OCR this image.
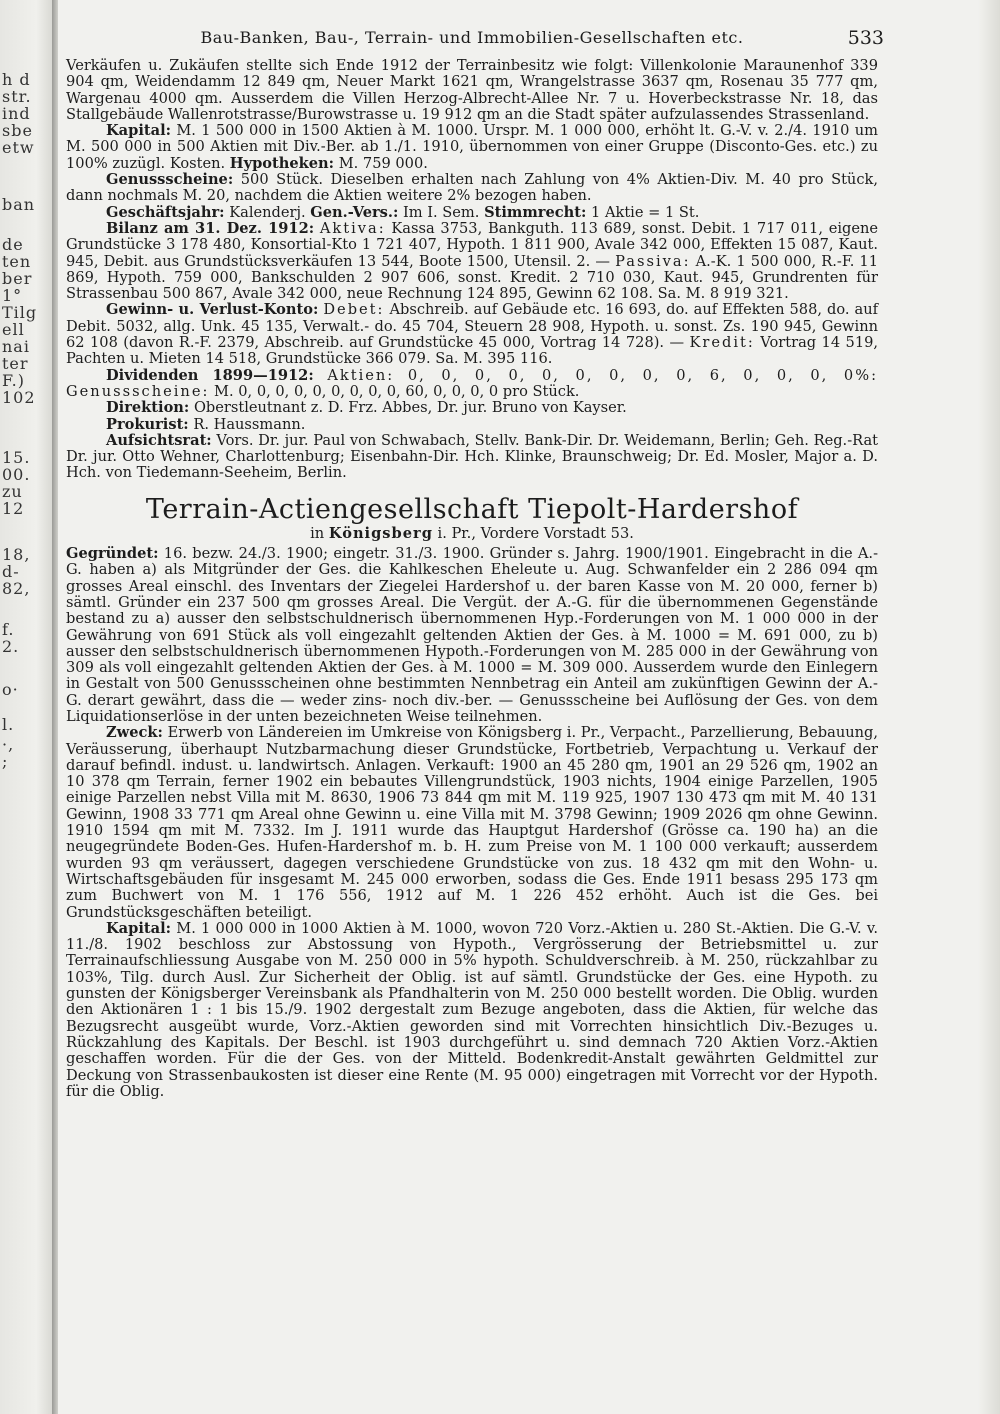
h d
str.
ind
sbe
etw
ban
de
ten
ber
1°
Tilg
ell
nai
ter
F.)
102
15.
00.
zu
12
18,
d-
82,
f.
2.
o·
l.
·,
;
Bau-Banken, Bau-, Terrain- und Immobilien-Gesellschaften etc.	533

Verkäufen u. Zukäufen stellte sich Ende 1912 der Terrainbesitz wie folgt: Villenkolonie Maraunenhof 339 904 qm, Weidendamm 12 849 qm, Neuer Markt 1621 qm, Wrangelstrasse 3637 qm, Rosenau 35 777 qm, Wargenau 4000 qm. Ausserdem die Villen Herzog-Albrecht-Allee Nr. 7 u. Hoverbeckstrasse Nr. 18, das Stallgebäude Wallenrotstrasse/Burowstrasse u. 19 912 qm an die Stadt später aufzulassendes Strassenland.

Kapital: M. 1 500 000 in 1500 Aktien à M. 1000. Urspr. M. 1 000 000, erhöht lt. G.-V. v. 2./4. 1910 um M. 500 000 in 500 Aktien mit Div.-Ber. ab 1./1. 1910, übernommen von einer Gruppe (Disconto-Ges. etc.) zu 100% zuzügl. Kosten. Hypotheken: M. 759 000.

Genussscheine: 500 Stück. Dieselben erhalten nach Zahlung von 4% Aktien-Div. M. 40 pro Stück, dann nochmals M. 20, nachdem die Aktien weitere 2% bezogen haben.

Geschäftsjahr: Kalenderj. Gen.-Vers.: Im I. Sem. Stimmrecht: 1 Aktie = 1 St.

Bilanz am 31. Dez. 1912: Aktiva: Kassa 3753, Bankguth. 113 689, sonst. Debit. 1 717 011, eigene Grundstücke 3 178 480, Konsortial-Kto 1 721 407, Hypoth. 1 811 900, Avale 342 000, Effekten 15 087, Kaut. 945, Debit. aus Grundstücksverkäufen 13 544, Boote 1500, Utensil. 2. — Passiva: A.-K. 1 500 000, R.-F. 11 869, Hypoth. 759 000, Bankschulden 2 907 606, sonst. Kredit. 2 710 030, Kaut. 945, Grundrenten für Strassenbau 500 867, Avale 342 000, neue Rechnung 124 895, Gewinn 62 108. Sa. M. 8 919 321.

Gewinn- u. Verlust-Konto: Debet: Abschreib. auf Gebäude etc. 16 693, do. auf Effekten 588, do. auf Debit. 5032, allg. Unk. 45 135, Verwalt.- do. 45 704, Steuern 28 908, Hypoth. u. sonst. Zs. 190 945, Gewinn 62 108 (davon R.-F. 2379, Abschreib. auf Grundstücke 45 000, Vortrag 14 728). — Kredit: Vortrag 14 519, Pachten u. Mieten 14 518, Grundstücke 366 079. Sa. M. 395 116.

Dividenden 1899—1912: Aktien: 0, 0, 0, 0, 0, 0, 0, 0, 0, 6, 0, 0, 0, 0%: Genussscheine: M. 0, 0, 0, 0, 0, 0, 0, 0, 0, 60, 0, 0, 0, 0 pro Stück.

Direktion: Oberstleutnant z. D. Frz. Abbes, Dr. jur. Bruno von Kayser.

Prokurist: R. Haussmann.

Aufsichtsrat: Vors. Dr. jur. Paul von Schwabach, Stellv. Bank-Dir. Dr. Weidemann, Berlin; Geh. Reg.-Rat Dr. jur. Otto Wehner, Charlottenburg; Eisenbahn-Dir. Hch. Klinke, Braunschweig; Dr. Ed. Mosler, Major a. D. Hch. von Tiedemann-Seeheim, Berlin.

Terrain-Actiengesellschaft Tiepolt-Hardershof
in Königsberg i. Pr., Vordere Vorstadt 53.

Gegründet: 16. bezw. 24./3. 1900; eingetr. 31./3. 1900. Gründer s. Jahrg. 1900/1901. Eingebracht in die A.-G. haben a) als Mitgründer der Ges. die Kahlkeschen Eheleute u. Aug. Schwanfelder ein 2 286 094 qm grosses Areal einschl. des Inventars der Ziegelei Hardershof u. der baren Kasse von M. 20 000, ferner b) sämtl. Gründer ein 237 500 qm grosses Areal. Die Vergüt. der A.-G. für die übernommenen Gegenstände bestand zu a) ausser den selbstschuldnerisch übernommenen Hyp.-Forderungen von M. 1 000 000 in der Gewährung von 691 Stück als voll eingezahlt geltenden Aktien der Ges. à M. 1000 = M. 691 000, zu b) ausser den selbstschuldnerisch übernommenen Hypoth.-Forderungen von M. 285 000 in der Gewährung von 309 als voll eingezahlt geltenden Aktien der Ges. à M. 1000 = M. 309 000. Ausserdem wurde den Einlegern in Gestalt von 500 Genussscheinen ohne bestimmten Nennbetrag ein Anteil am zukünftigen Gewinn der A.-G. derart gewährt, dass die — weder zins- noch div.-ber. — Genussscheine bei Auflösung der Ges. von dem Liquidationserlöse in der unten bezeichneten Weise teilnehmen.

Zweck: Erwerb von Ländereien im Umkreise von Königsberg i. Pr., Verpacht., Parzellierung, Bebauung, Veräusserung, überhaupt Nutzbarmachung dieser Grundstücke, Fortbetrieb, Verpachtung u. Verkauf der darauf befindl. indust. u. landwirtsch. Anlagen. Verkauft: 1900 an 45 280 qm, 1901 an 29 526 qm, 1902 an 10 378 qm Terrain, ferner 1902 ein bebautes Villengrundstück, 1903 nichts, 1904 einige Parzellen, 1905 einige Parzellen nebst Villa mit M. 8630, 1906 73 844 qm mit M. 119 925, 1907 130 473 qm mit M. 40 131 Gewinn, 1908 33 771 qm Areal ohne Gewinn u. eine Villa mit M. 3798 Gewinn; 1909 2026 qm ohne Gewinn. 1910 1594 qm mit M. 7332. Im J. 1911 wurde das Hauptgut Hardershof (Grösse ca. 190 ha) an die neugegründete Boden-Ges. Hufen-Hardershof m. b. H. zum Preise von M. 1 100 000 verkauft; ausserdem wurden 93 qm veräussert, dagegen verschiedene Grundstücke von zus. 18 432 qm mit den Wohn- u. Wirtschaftsgebäuden für insgesamt M. 245 000 erworben, sodass die Ges. Ende 1911 besass 295 173 qm zum Buchwert von M. 1 176 556, 1912 auf M. 1 226 452 erhöht. Auch ist die Ges. bei Grundstücksgeschäften beteiligt.

Kapital: M. 1 000 000 in 1000 Aktien à M. 1000, wovon 720 Vorz.-Aktien u. 280 St.-Aktien. Die G.-V. v. 11./8. 1902 beschloss zur Abstossung von Hypoth., Vergrösserung der Betriebsmittel u. zur Terrainaufschliessung Ausgabe von M. 250 000 in 5% hypoth. Schuldverschreib. à M. 250, rückzahlbar zu 103%, Tilg. durch Ausl. Zur Sicherheit der Oblig. ist auf sämtl. Grundstücke der Ges. eine Hypoth. zu gunsten der Königsberger Vereinsbank als Pfandhalterin von M. 250 000 bestellt worden. Die Oblig. wurden den Aktionären 1 : 1 bis 15./9. 1902 dergestalt zum Bezuge angeboten, dass die Aktien, für welche das Bezugsrecht ausgeübt wurde, Vorz.-Aktien geworden sind mit Vorrechten hinsichtlich Div.-Bezuges u. Rückzahlung des Kapitals. Der Beschl. ist 1903 durchgeführt u. sind demnach 720 Aktien Vorz.-Aktien geschaffen worden. Für die der Ges. von der Mitteld. Bodenkredit-Anstalt gewährten Geldmittel zur Deckung von Strassenbaukosten ist dieser eine Rente (M. 95 000) eingetragen mit Vorrecht vor der Hypoth. für die Oblig.
